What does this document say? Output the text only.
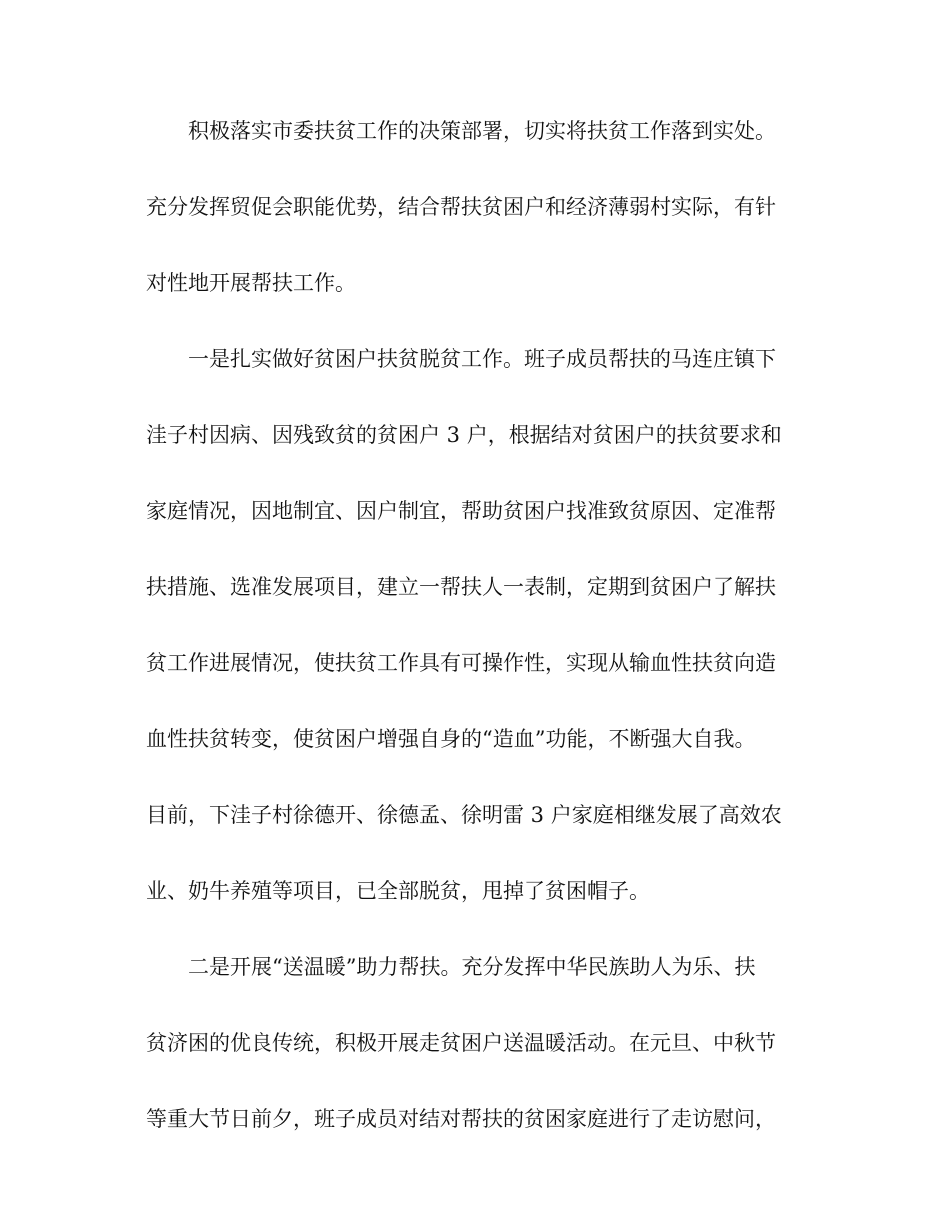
积极落实市委扶贫工作的决策部署，切实将扶贫工作落到实处。
充分发挥贸促会职能优势，结合帮扶贫困户和经济薄弱村实际，有针
对性地开展帮扶工作。
一是扎实做好贫困户扶贫脱贫工作。班子成员帮扶的马连庄镇下
洼子村因病、因残致贫的贫困户 3 户，根据结对贫困户的扶贫要求和
家庭情况，因地制宜、因户制宜，帮助贫困户找准致贫原因、定准帮
扶措施、选准发展项目，建立一帮扶人一表制，定期到贫困户了解扶
贫工作进展情况，使扶贫工作具有可操作性，实现从输血性扶贫向造
血性扶贫转变，使贫困户增强自身的“造血”功能，不断强大自我。
目前，下洼子村徐德开、徐德孟、徐明雷 3 户家庭相继发展了高效农
业、奶牛养殖等项目，已全部脱贫，甩掉了贫困帽子。
二是开展“送温暖”助力帮扶。充分发挥中华民族助人为乐、扶
贫济困的优良传统，积极开展走贫困户送温暖活动。在元旦、中秋节
等重大节日前夕，班子成员对结对帮扶的贫困家庭进行了走访慰问，
